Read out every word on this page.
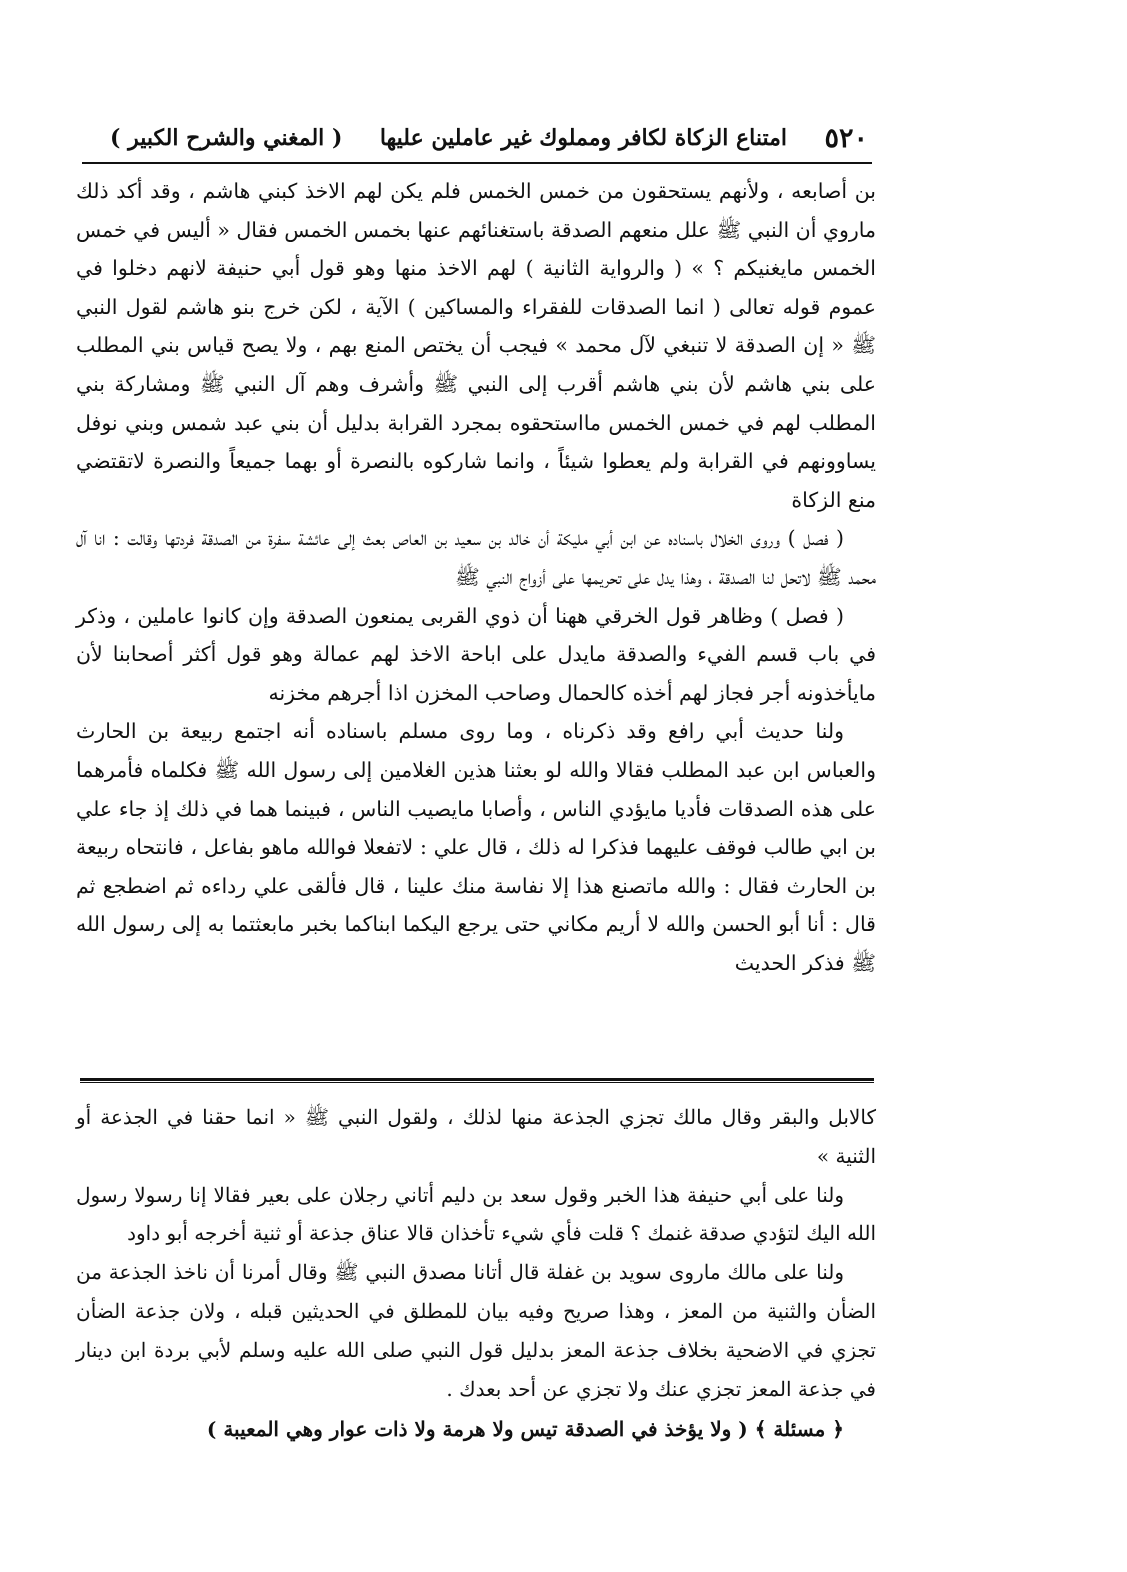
٥٢٠
امتناع الزكاة لكافر ومملوك غير عاملين عليها
( المغني والشرح الكبير )

بن أصابعه ، ولأنهم يستحقون من خمس الخمس فلم يكن لهم الاخذ كبني هاشم ، وقد أكد ذلك ماروي أن النبي ﷺ علل منعهم الصدقة باستغنائهم عنها بخمس الخمس فقال « أليس في خمس الخمس مايغنيكم ؟ » ( والرواية الثانية ) لهم الاخذ منها وهو قول أبي حنيفة لانهم دخلوا في عموم قوله تعالى ( انما الصدقات للفقراء والمساكين ) الآية ، لكن خرج بنو هاشم لقول النبي ﷺ « إن الصدقة لا تنبغي لآل محمد » فيجب أن يختص المنع بهم ، ولا يصح قياس بني المطلب على بني هاشم لأن بني هاشم أقرب إلى النبي ﷺ وأشرف وهم آل النبي ﷺ ومشاركة بني المطلب لهم في خمس الخمس مااستحقوه بمجرد القرابة بدليل أن بني عبد شمس وبني نوفل يساوونهم في القرابة ولم يعطوا شيئاً ، وانما شاركوه بالنصرة أو بهما جميعاً والنصرة لاتقتضي منع الزكاة

( فصل ) وروى الخلال باسناده عن ابن أبي مليكة أن خالد بن سعيد بن العاص بعث إلى عائشة سفرة من الصدقة فردتها وقالت : انا آل محمد ﷺ لاتحل لنا الصدقة ، وهذا يدل على تحريمها على أزواج النبي ﷺ

( فصل ) وظاهر قول الخرقي ههنا أن ذوي القربى يمنعون الصدقة وإن كانوا عاملين ، وذكر في باب قسم الفيء والصدقة مايدل على اباحة الاخذ لهم عمالة وهو قول أكثر أصحابنا لأن مايأخذونه أجر فجاز لهم أخذه كالحمال وصاحب المخزن اذا أجرهم مخزنه

ولنا حديث أبي رافع وقد ذكرناه ، وما روى مسلم باسناده أنه اجتمع ربيعة بن الحارث والعباس ابن عبد المطلب فقالا والله لو بعثنا هذين الغلامين إلى رسول الله ﷺ فكلماه فأمرهما على هذه الصدقات فأديا مايؤدي الناس ، وأصابا مايصيب الناس ، فبينما هما في ذلك إذ جاء علي بن ابي طالب فوقف عليهما فذكرا له ذلك ، قال علي : لاتفعلا فوالله ماهو بفاعل ، فانتحاه ربيعة بن الحارث فقال : والله ماتصنع هذا إلا نفاسة منك علينا ، قال فألقى علي رداءه ثم اضطجع ثم قال : أنا أبو الحسن والله لا أريم مكاني حتى يرجع اليكما ابناكما بخبر مابعثتما به إلى رسول الله ﷺ فذكر الحديث

كالابل والبقر وقال مالك تجزي الجذعة منها لذلك ، ولقول النبي ﷺ « انما حقنا في الجذعة أو الثنية »

ولنا على أبي حنيفة هذا الخبر وقول سعد بن دليم أتاني رجلان على بعير فقالا إنا رسولا رسول الله اليك لتؤدي صدقة غنمك ؟ قلت فأي شيء تأخذان قالا عناق جذعة أو ثنية أخرجه أبو داود

ولنا على مالك ماروى سويد بن غفلة قال أتانا مصدق النبي ﷺ وقال أمرنا أن ناخذ الجذعة من الضأن والثنية من المعز ، وهذا صريح وفيه بيان للمطلق في الحديثين قبله ، ولان جذعة الضأن تجزي في الاضحية بخلاف جذعة المعز بدليل قول النبي صلى الله عليه وسلم لأبي بردة ابن دينار في جذعة المعز تجزي عنك ولا تجزي عن أحد بعدك .

﴿ مسئلة ﴾ ( ولا يؤخذ في الصدقة تيس ولا هرمة ولا ذات عوار وهي المعيبة )
